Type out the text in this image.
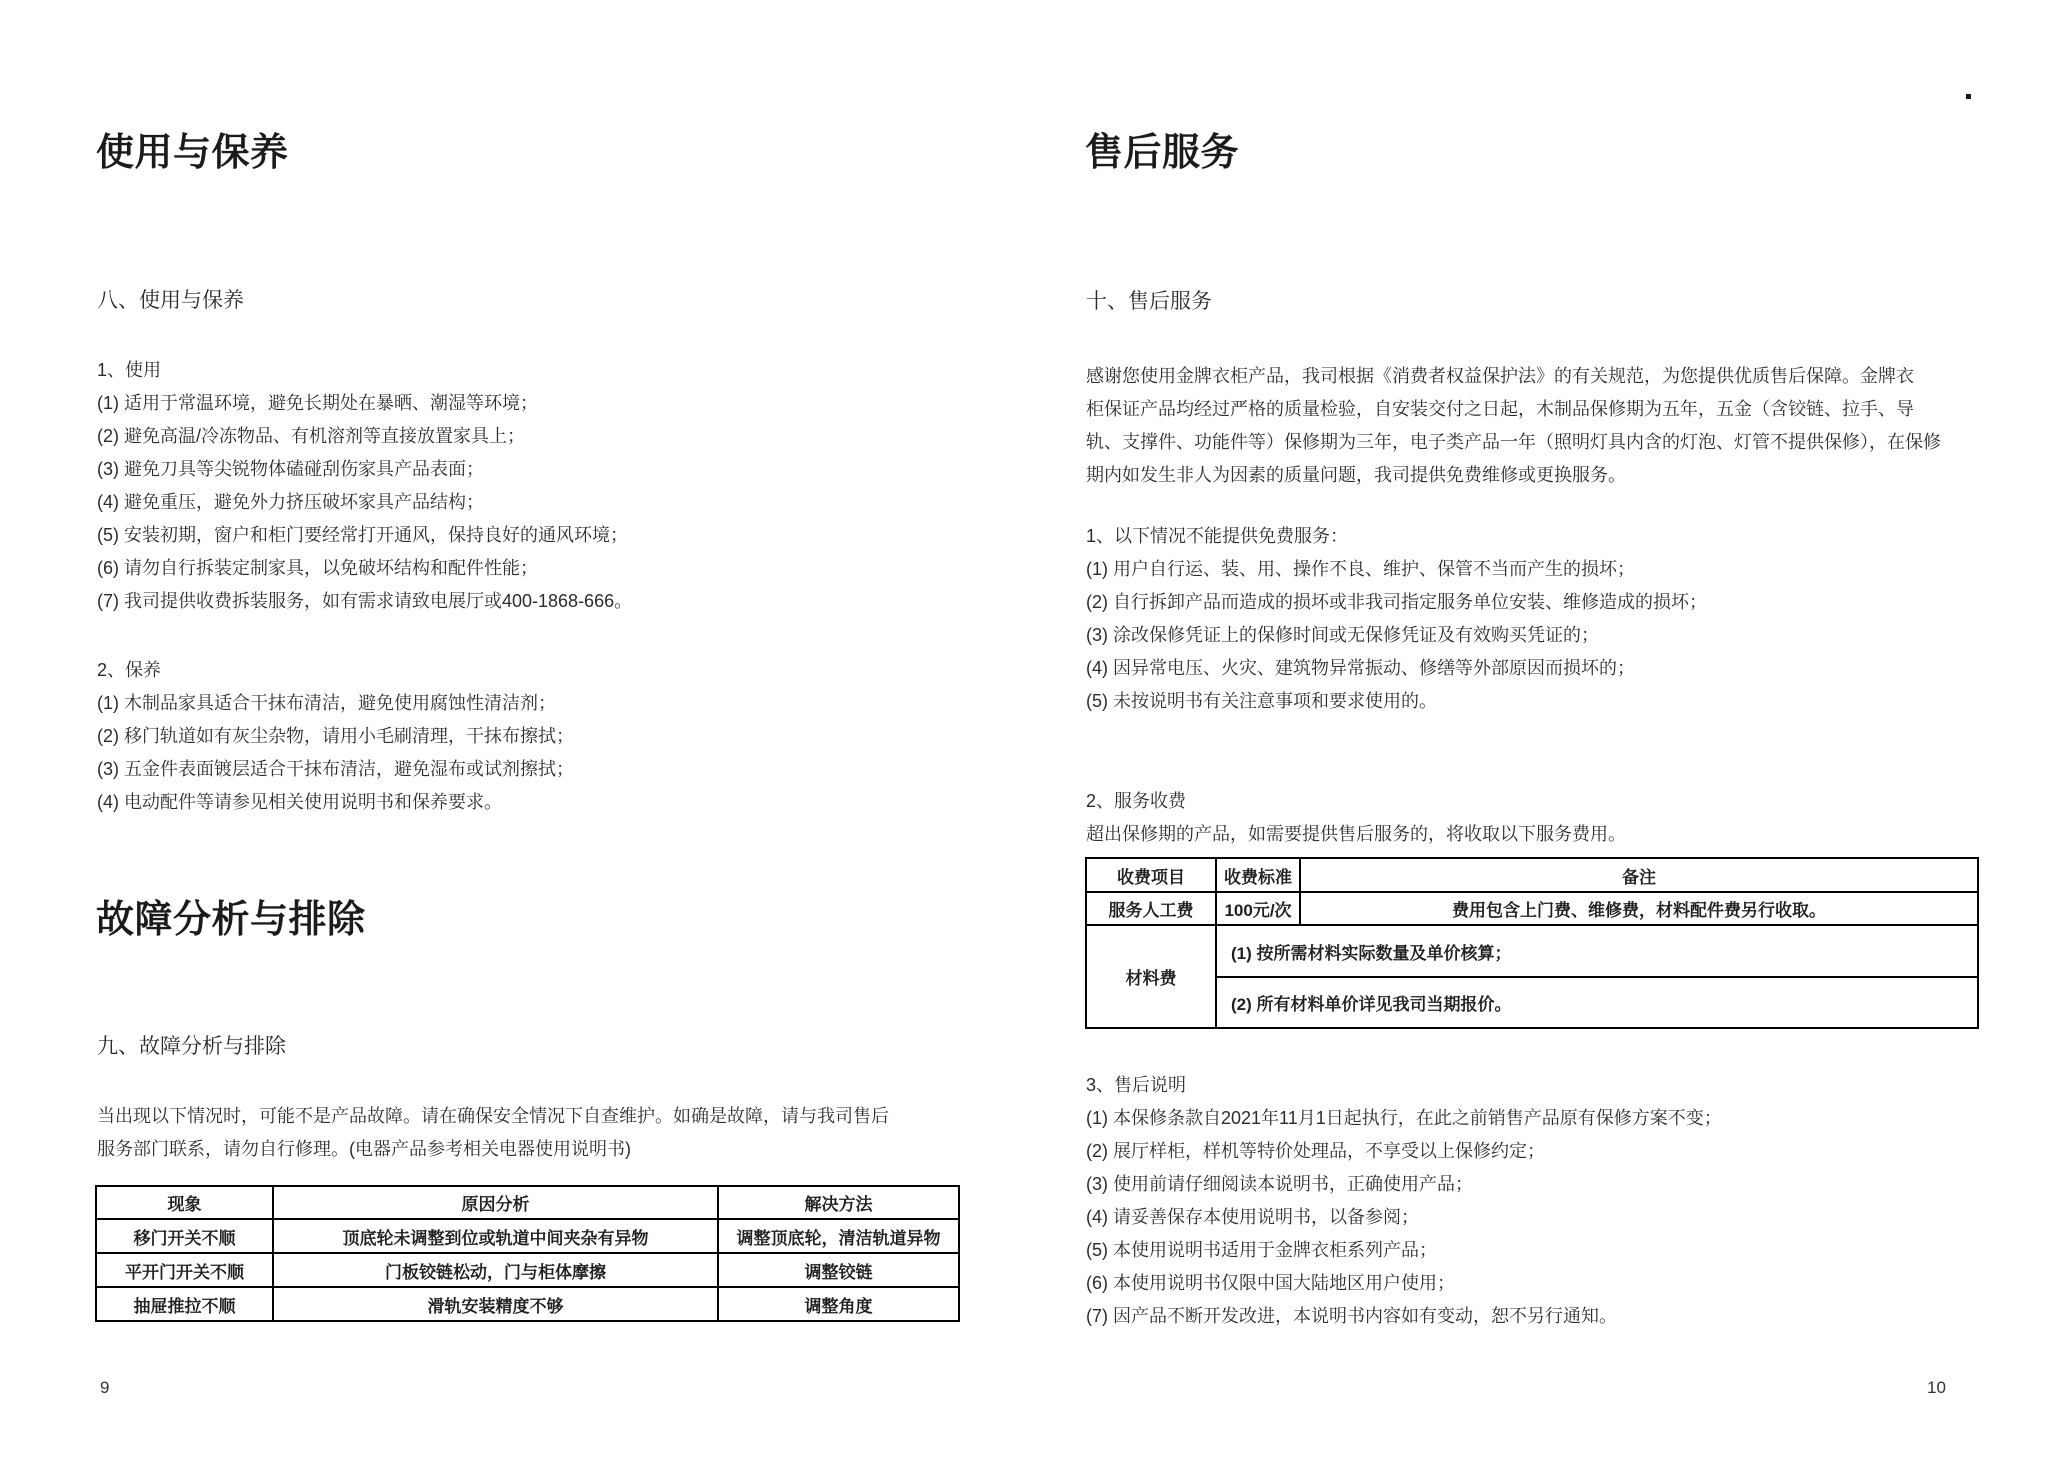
使用与保养
八、使用与保养
1、使用
(1) 适用于常温环境，避免长期处在暴晒、潮湿等环境；
(2) 避免高温/冷冻物品、有机溶剂等直接放置家具上；
(3) 避免刀具等尖锐物体磕碰刮伤家具产品表面；
(4) 避免重压，避免外力挤压破坏家具产品结构；
(5) 安装初期，窗户和柜门要经常打开通风，保持良好的通风环境；
(6) 请勿自行拆装定制家具，以免破坏结构和配件性能；
(7) 我司提供收费拆装服务，如有需求请致电展厅或400-1868-666。
2、保养
(1) 木制品家具适合干抹布清洁，避免使用腐蚀性清洁剂；
(2) 移门轨道如有灰尘杂物，请用小毛刷清理，干抹布擦拭；
(3) 五金件表面镀层适合干抹布清洁，避免湿布或试剂擦拭；
(4) 电动配件等请参见相关使用说明书和保养要求。
故障分析与排除
九、故障分析与排除
当出现以下情况时，可能不是产品故障。请在确保安全情况下自查维护。如确是故障，请与我司售后
服务部门联系，请勿自行修理。(电器产品参考相关电器使用说明书)
现象	原因分析	解决方法
移门开关不顺	顶底轮未调整到位或轨道中间夹杂有异物	调整顶底轮，清洁轨道异物
平开门开关不顺	门板铰链松动，门与柜体摩擦	调整铰链
抽屉推拉不顺	滑轨安装精度不够	调整角度
9
售后服务
十、售后服务
感谢您使用金牌衣柜产品，我司根据《消费者权益保护法》的有关规范，为您提供优质售后保障。金牌衣
柜保证产品均经过严格的质量检验，自安装交付之日起，木制品保修期为五年，五金（含铰链、拉手、导
轨、支撑件、功能件等）保修期为三年，电子类产品一年（照明灯具内含的灯泡、灯管不提供保修），在保修
期内如发生非人为因素的质量问题，我司提供免费维修或更换服务。
1、以下情况不能提供免费服务：
(1) 用户自行运、装、用、操作不良、维护、保管不当而产生的损坏；
(2) 自行拆卸产品而造成的损坏或非我司指定服务单位安装、维修造成的损坏；
(3) 涂改保修凭证上的保修时间或无保修凭证及有效购买凭证的；
(4) 因异常电压、火灾、建筑物异常振动、修缮等外部原因而损坏的；
(5) 未按说明书有关注意事项和要求使用的。
2、服务收费
超出保修期的产品，如需要提供售后服务的，将收取以下服务费用。
收费项目	收费标准	备注
服务人工费	100元/次	费用包含上门费、维修费，材料配件费另行收取。
材料费	(1) 按所需材料实际数量及单价核算；	
	(2) 所有材料单价详见我司当期报价。	
3、售后说明
(1) 本保修条款自2021年11月1日起执行，在此之前销售产品原有保修方案不变；
(2) 展厅样柜，样机等特价处理品，不享受以上保修约定；
(3) 使用前请仔细阅读本说明书，正确使用产品；
(4) 请妥善保存本使用说明书，以备参阅；
(5) 本使用说明书适用于金牌衣柜系列产品；
(6) 本使用说明书仅限中国大陆地区用户使用；
(7) 因产品不断开发改进，本说明书内容如有变动，恕不另行通知。
10
